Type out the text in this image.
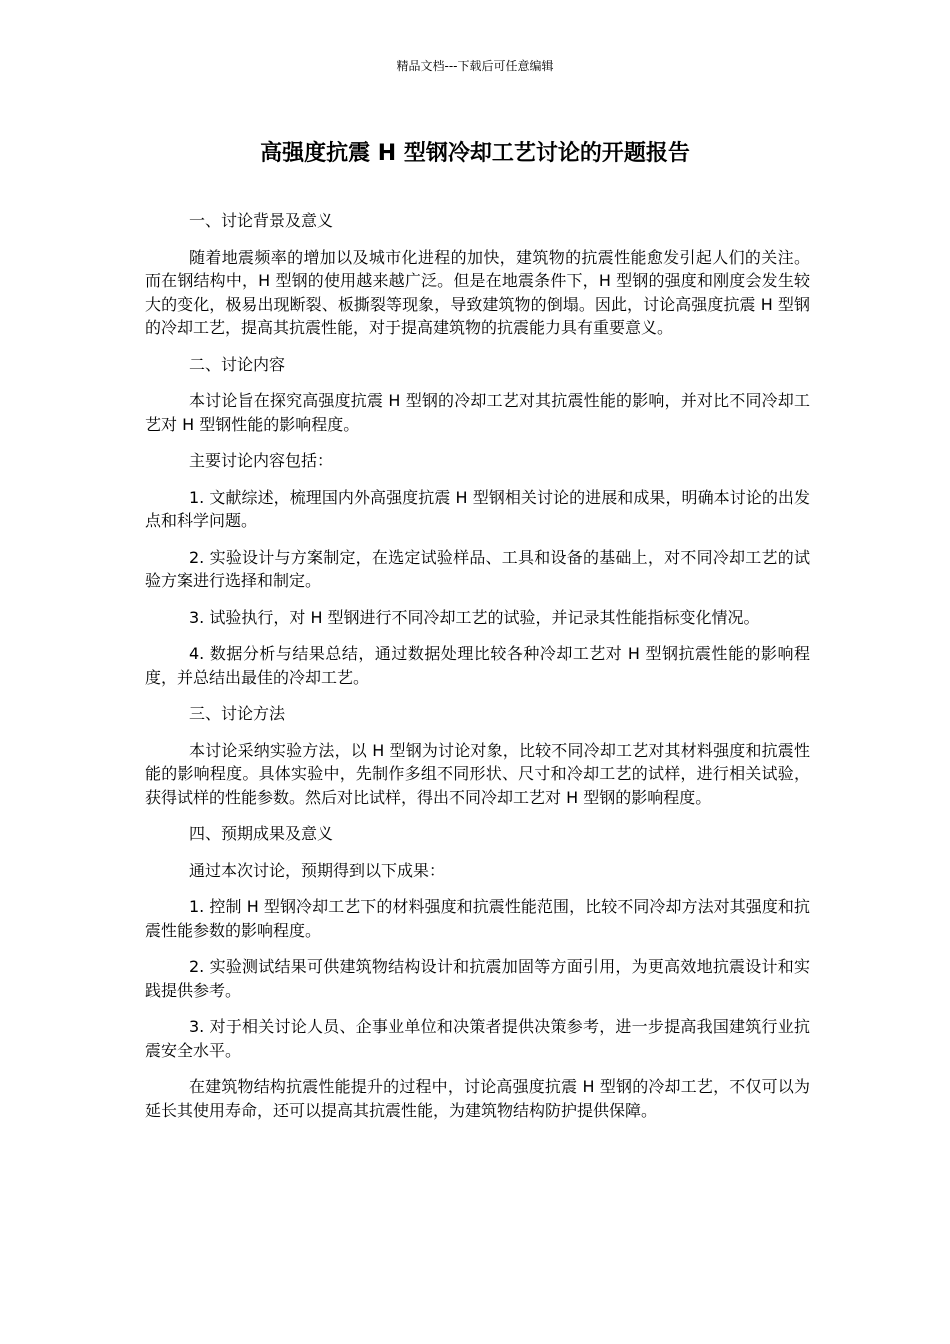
精品文档---下载后可任意编辑
高强度抗震 H 型钢冷却工艺讨论的开题报告

一、讨论背景及意义

随着地震频率的增加以及城市化进程的加快，建筑物的抗震性能愈发引起人们的关注。而在钢结构中，H 型钢的使用越来越广泛。但是在地震条件下，H 型钢的强度和刚度会发生较大的变化，极易出现断裂、板撕裂等现象，导致建筑物的倒塌。因此，讨论高强度抗震 H 型钢的冷却工艺，提高其抗震性能，对于提高建筑物的抗震能力具有重要意义。

二、讨论内容

本讨论旨在探究高强度抗震 H 型钢的冷却工艺对其抗震性能的影响，并对比不同冷却工艺对 H 型钢性能的影响程度。

主要讨论内容包括：

1. 文献综述，梳理国内外高强度抗震 H 型钢相关讨论的进展和成果，明确本讨论的出发点和科学问题。

2. 实验设计与方案制定，在选定试验样品、工具和设备的基础上，对不同冷却工艺的试验方案进行选择和制定。

3. 试验执行，对 H 型钢进行不同冷却工艺的试验，并记录其性能指标变化情况。

4. 数据分析与结果总结，通过数据处理比较各种冷却工艺对 H 型钢抗震性能的影响程度，并总结出最佳的冷却工艺。

三、讨论方法

本讨论采纳实验方法，以 H 型钢为讨论对象，比较不同冷却工艺对其材料强度和抗震性能的影响程度。具体实验中，先制作多组不同形状、尺寸和冷却工艺的试样，进行相关试验，获得试样的性能参数。然后对比试样，得出不同冷却工艺对 H 型钢的影响程度。

四、预期成果及意义

通过本次讨论，预期得到以下成果：

1. 控制 H 型钢冷却工艺下的材料强度和抗震性能范围，比较不同冷却方法对其强度和抗震性能参数的影响程度。

2. 实验测试结果可供建筑物结构设计和抗震加固等方面引用，为更高效地抗震设计和实践提供参考。

3. 对于相关讨论人员、企事业单位和决策者提供决策参考，进一步提高我国建筑行业抗震安全水平。

在建筑物结构抗震性能提升的过程中，讨论高强度抗震 H 型钢的冷却工艺，不仅可以为延长其使用寿命，还可以提高其抗震性能，为建筑物结构防护提供保障。
